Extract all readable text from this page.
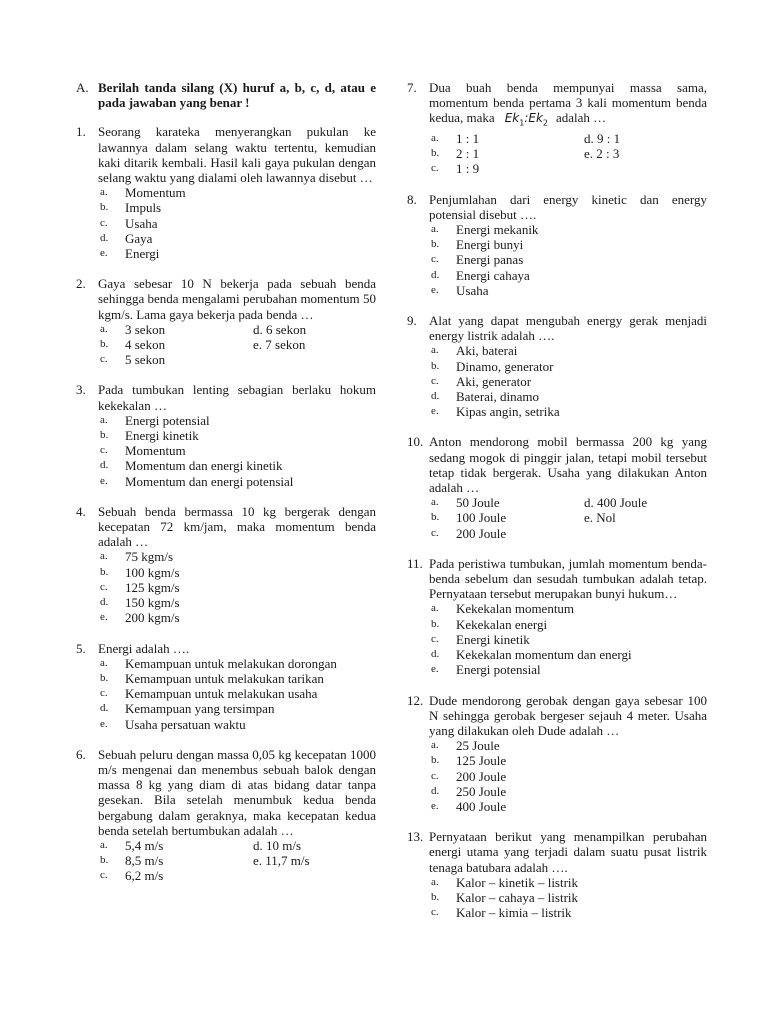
A. Berilah tanda silang (X) huruf a, b, c, d, atau e pada jawaban yang benar !
1. Seorang karateka menyerangkan pukulan ke lawannya dalam selang waktu tertentu, kemudian kaki ditarik kembali. Hasil kali gaya pukulan dengan selang waktu yang dialami oleh lawannya disebut …
a. Momentum
b. Impuls
c. Usaha
d. Gaya
e. Energi
2. Gaya sebesar 10 N bekerja pada sebuah benda sehingga benda mengalami perubahan momentum 50 kgm/s. Lama gaya bekerja pada benda …
a. 3 sekon	d. 6 sekon
b. 4 sekon	e. 7 sekon
c. 5 sekon
3. Pada tumbukan lenting sebagian berlaku hokum kekekalan …
a. Energi potensial
b. Energi kinetik
c. Momentum
d. Momentum dan energi kinetik
e. Momentum dan energi potensial
4. Sebuah benda bermassa 10 kg bergerak dengan kecepatan 72 km/jam, maka momentum benda adalah …
a. 75 kgm/s
b. 100 kgm/s
c. 125 kgm/s
d. 150 kgm/s
e. 200 kgm/s
5. Energi adalah ….
a. Kemampuan untuk melakukan dorongan
b. Kemampuan untuk melakukan tarikan
c. Kemampuan untuk melakukan usaha
d. Kemampuan yang tersimpan
e. Usaha persatuan waktu
6. Sebuah peluru dengan massa 0,05 kg kecepatan 1000 m/s mengenai dan menembus sebuah balok dengan massa 8 kg yang diam di atas bidang datar tanpa gesekan. Bila setelah menumbuk kedua benda bergabung dalam geraknya, maka kecepatan kedua benda setelah bertumbukan adalah …
a. 5,4 m/s	d. 10 m/s
b. 8,5 m/s	e. 11,7 m/s
c. 6,2 m/s
7. Dua buah benda mempunyai massa sama, momentum benda pertama 3 kali momentum benda kedua, maka $Ek_1:Ek_2$ adalah …
a. 1 : 1	d. 9 : 1
b. 2 : 1	e. 2 : 3
c. 1 : 9
8. Penjumlahan dari energy kinetic dan energy potensial disebut ….
a. Energi mekanik
b. Energi bunyi
c. Energi panas
d. Energi cahaya
e. Usaha
9. Alat yang dapat mengubah energy gerak menjadi energy listrik adalah ….
a. Aki, baterai
b. Dinamo, generator
c. Aki, generator
d. Baterai, dinamo
e. Kipas angin, setrika
10. Anton mendorong mobil bermassa 200 kg yang sedang mogok di pinggir jalan, tetapi mobil tersebut tetap tidak bergerak. Usaha yang dilakukan Anton adalah …
a. 50 Joule	d. 400 Joule
b. 100 Joule	e. Nol
c. 200 Joule
11. Pada peristiwa tumbukan, jumlah momentum benda-benda sebelum dan sesudah tumbukan adalah tetap. Pernyataan tersebut merupakan bunyi hukum…
a. Kekekalan momentum
b. Kekekalan energi
c. Energi kinetik
d. Kekekalan momentum dan energi
e. Energi potensial
12. Dude mendorong gerobak dengan gaya sebesar 100 N sehingga gerobak bergeser sejauh 4 meter. Usaha yang dilakukan oleh Dude adalah …
a. 25 Joule
b. 125 Joule
c. 200 Joule
d. 250 Joule
e. 400 Joule
13. Pernyataan berikut yang menampilkan perubahan energi utama yang terjadi dalam suatu pusat listrik tenaga batubara adalah ….
a. Kalor – kinetik – listrik
b. Kalor – cahaya – listrik
c. Kalor – kimia – listrik
